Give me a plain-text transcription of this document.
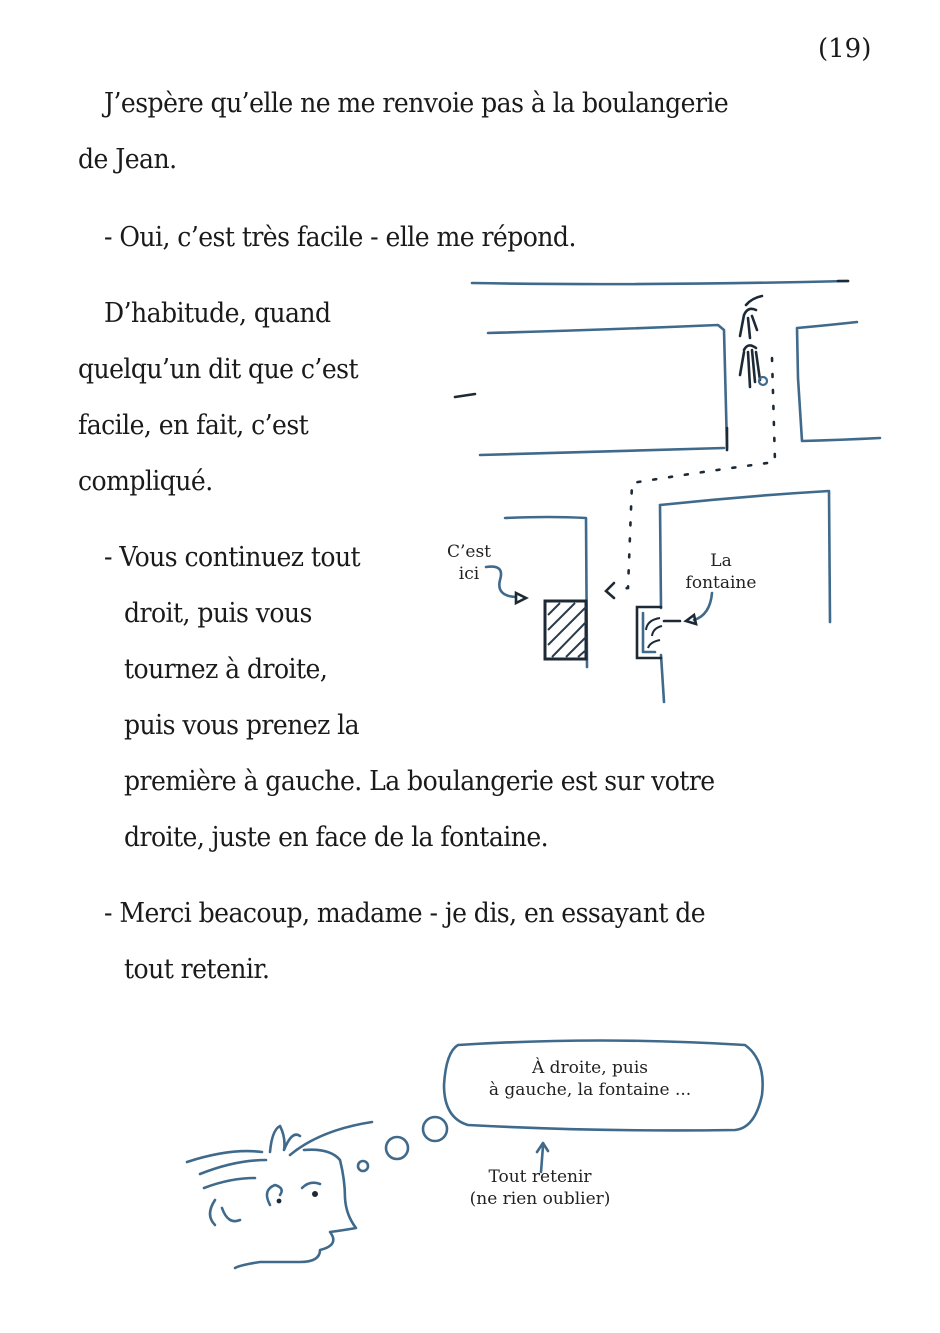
(19)
J’espère qu’elle ne me renvoie pas à la boulangerie
de Jean.
- Oui, c’est très facile - elle me répond.
D’habitude, quand
quelqu’un dit que c’est
facile, en fait, c’est
compliqué.
- Vous continuez tout
droit, puis vous
tournez à droite,
puis vous prenez la
première à gauche. La boulangerie est sur votre
droite, juste en face de la fontaine.
- Merci beacoup, madame - je dis, en essayant de
tout retenir.
C’est
ici
La
fontaine
À droite, puis
à gauche, la fontaine ...
Tout retenir
(ne rien oublier)
